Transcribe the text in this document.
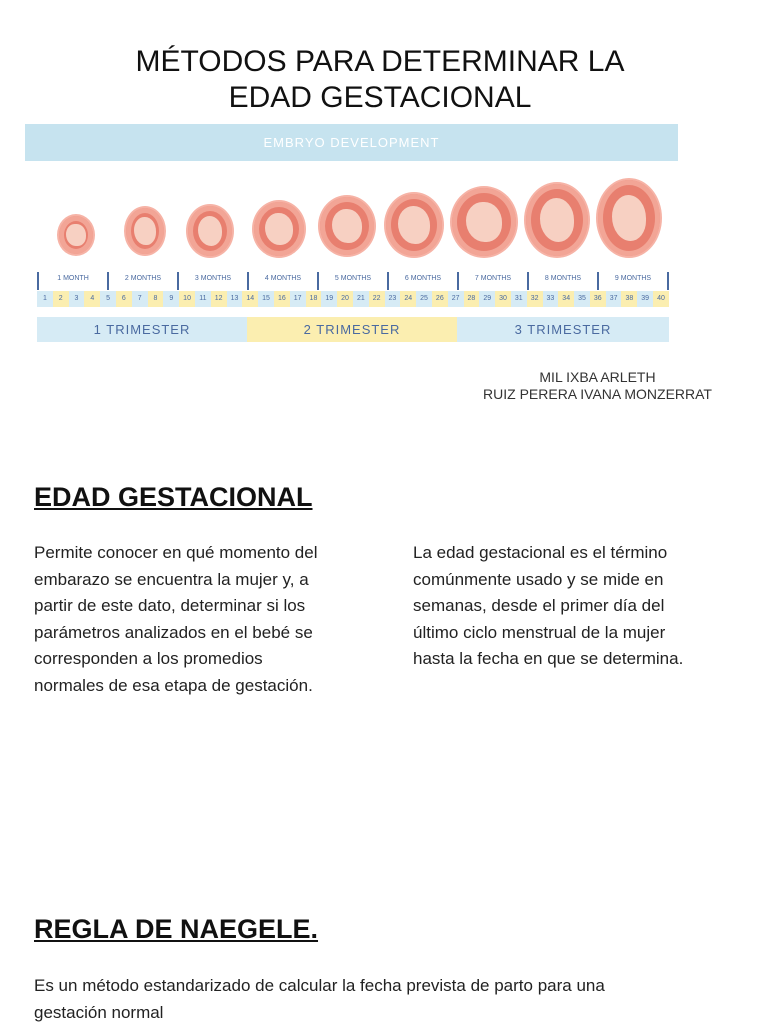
MÉTODOS PARA DETERMINAR LA
EDAD GESTACIONAL
EMBRYO DEVELOPMENT
1 MONTH	2 MONTHS	3 MONTHS	4 MONTHS	5 MONTHS	6 MONTHS	7 MONTHS	8 MONTHS	9 MONTHS
1	2	3	4	5	6	7	8	9	10	11	12	13	14	15	16	17	18	19	20	21	22	23	24	25	26	27	28	29	30	31	32	33	34	35	36	37	38	39	40
1 TRIMESTER	2 TRIMESTER	3 TRIMESTER
MIL IXBA ARLETH
RUIZ PERERA IVANA MONZERRAT
EDAD GESTACIONAL
Permite conocer en qué momento del
embarazo se encuentra la mujer y, a
partir de este dato, determinar si los
parámetros analizados en el bebé se
corresponden a los promedios
normales de esa etapa de gestación.
La edad gestacional es el término
comúnmente usado y se mide en
semanas, desde el primer día del
último ciclo menstrual de la mujer
hasta la fecha en que se determina.
REGLA DE NAEGELE.
Es un método estandarizado de calcular la fecha prevista de parto para una
gestación normal
